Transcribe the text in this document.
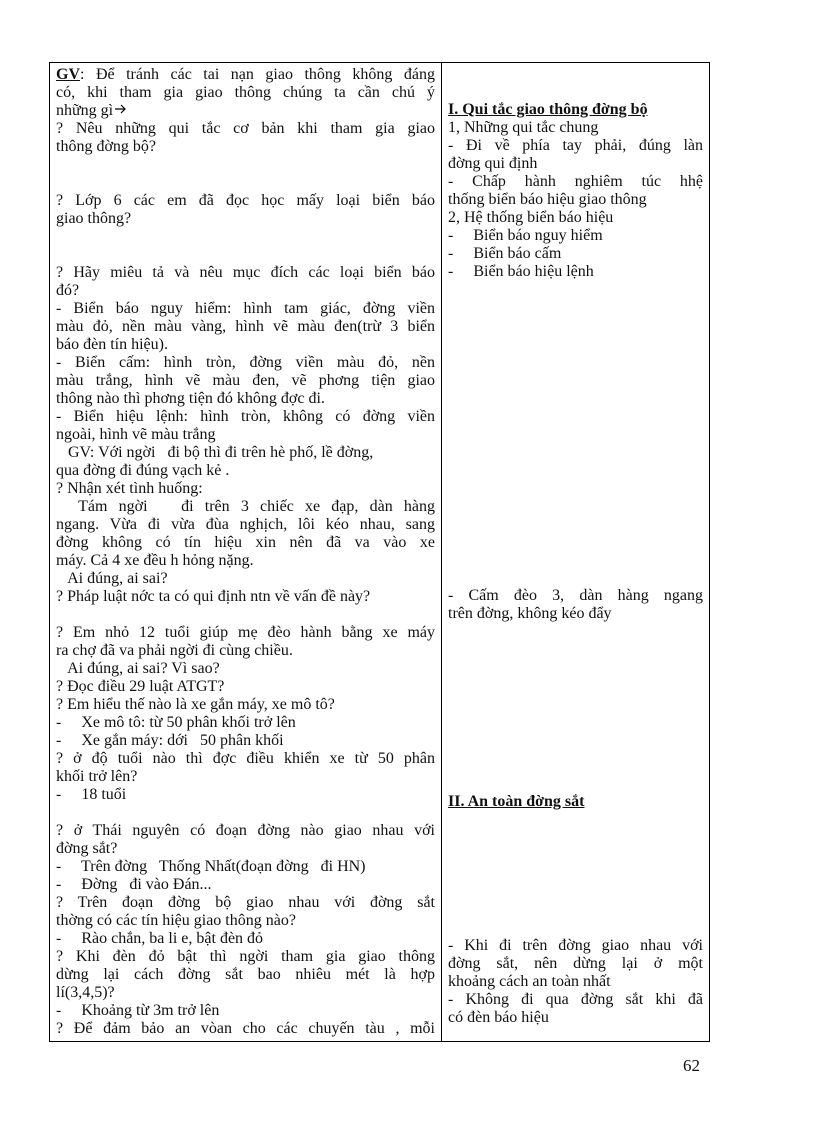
GV: Để tránh các tai nạn giao thông không đáng
có, khi tham gia giao thông chúng ta cần chú ý
những gì
? Nêu những qui tắc cơ bản khi tham gia giao
thông đờng bộ?
? Lớp 6 các em đã đọc học mấy loại biển báo
giao thông?
? Hãy miêu tả và nêu mục đích các loại biển báo
đó?
- Biển báo nguy hiểm: hình tam giác, đờng viền
màu đỏ, nền màu vàng, hình vẽ màu đen(trừ 3 biển
báo đèn tín hiệu).
- Biển cấm: hình tròn, đờng viền màu đỏ, nền
màu trắng, hình vẽ màu đen, vẽ phơng tiện giao
thông nào thì phơng tiện đó không đợc đi.
- Biển hiệu lệnh: hình tròn, không có đờng viền
ngoài, hình vẽ màu trắng
GV: Với ngời   đi bộ thì đi trên hè phố, lề đờng,
qua đờng đi đúng vạch kẻ .
? Nhận xét tình huống:
Tám ngời   đi trên 3 chiếc xe đạp, dàn hàng
ngang. Vừa đi vừa đùa nghịch, lôi kéo nhau, sang
đờng không có tín hiệu xin nên đã va vào xe
máy. Cả 4 xe đều h hỏng nặng.
Ai đúng, ai sai?
? Pháp luật nớc ta có qui định ntn về vấn đề này?
? Em nhỏ 12 tuổi giúp mẹ đèo hành bằng xe máy
ra chợ đã va phải ngời đi cùng chiều.
Ai đúng, ai sai? Vì sao?
? Đọc điều 29 luật ATGT?
? Em hiểu thế nào là xe gắn máy, xe mô tô?
-     Xe mô tô: từ 50 phân khối trở lên
-     Xe gắn máy: dới   50 phân khối
? ở độ tuổi nào thì đợc điều khiển xe từ 50 phân
khối trở lên?
-     18 tuổi
? ở Thái nguyên có đoạn đờng nào giao nhau với
đờng sắt?
-     Trên đờng   Thống Nhất(đoạn đờng   đi HN)
-     Đờng   đi vào Đán...
? Trên đoạn đờng bộ giao nhau với đờng sắt
thờng có các tín hiệu giao thông nào?
-     Rào chắn, ba li e, bật đèn đỏ
? Khi đèn đỏ bật thì ngời tham gia giao thông
dừng lại cách đờng sắt bao nhiêu mét là hợp
lí(3,4,5)?
-     Khoảng từ 3m trở lên
? Để đảm bảo an vòan cho các chuyến tàu , mỗi
I. Qui tắc giao thông đờng bộ
1, Những qui tắc chung
- Đi về phía tay phải, đúng làn
đờng qui định
- Chấp hành nghiêm túc hhệ
thống biển báo hiệu giao thông
2, Hệ thống biển báo hiệu
-     Biển báo nguy hiểm
-     Biển báo cấm
-     Biển báo hiệu lệnh
- Cấm đèo 3, dàn hàng ngang
trên đờng, không kéo đẩy
II. An toàn đờng sắt
- Khi đi trên đờng giao nhau với
đờng sắt, nên dừng lại ở một
khoảng cách an toàn nhất
- Không đi qua đờng sắt khi đã
có đèn báo hiệu
62
